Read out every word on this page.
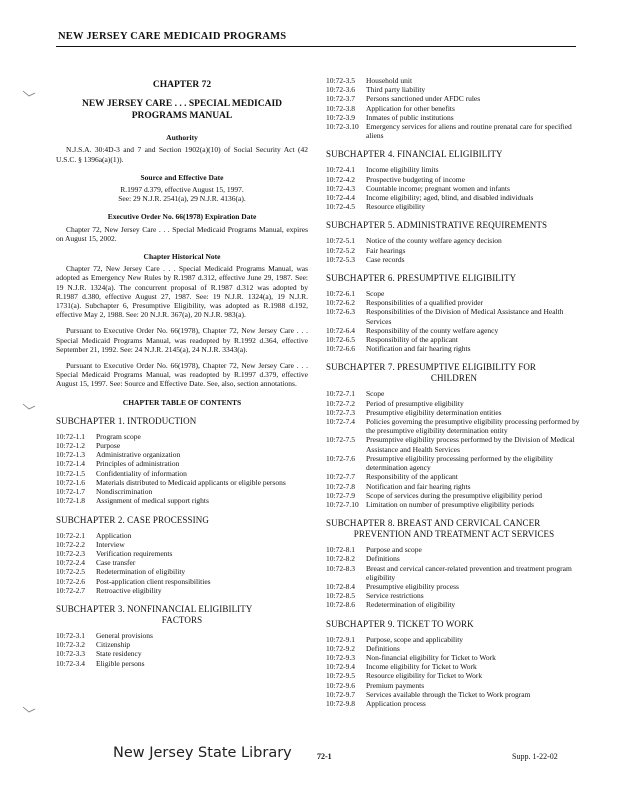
NEW JERSEY CARE MEDICAID PROGRAMS
CHAPTER 72
NEW JERSEY CARE . . . SPECIAL MEDICAID PROGRAMS MANUAL
Authority

N.J.S.A. 30:4D-3 and 7 and Section 1902(a)(10) of Social Security Act (42 U.S.C. § 1396a(a)(1)).

Source and Effective Date
R.1997 d.379, effective August 15, 1997.
See: 29 N.J.R. 2541(a), 29 N.J.R. 4136(a).
Executive Order No. 66(1978) Expiration Date

Chapter 72, New Jersey Care . . . Special Medicaid Programs Manual, expires on August 15, 2002.

Chapter Historical Note

Chapter 72, New Jersey Care . . . Special Medicaid Programs Manual, was adopted as Emergency New Rules by R.1987 d.312, effective June 29, 1987. See: 19 N.J.R. 1324(a). The concurrent proposal of R.1987 d.312 was adopted by R.1987 d.380, effective August 27, 1987. See: 19 N.J.R. 1324(a), 19 N.J.R. 1731(a). Subchapter 6, Presumptive Eligibility, was adopted as R.1988 d.192, effective May 2, 1988. See: 20 N.J.R. 367(a), 20 N.J.R. 983(a).

Pursuant to Executive Order No. 66(1978), Chapter 72, New Jersey Care . . . Special Medicaid Programs Manual, was readopted by R.1992 d.364, effective September 21, 1992. See: 24 N.J.R. 2145(a), 24 N.J.R. 3343(a).

Pursuant to Executive Order No. 66(1978), Chapter 72, New Jersey Care . . . Special Medicaid Programs Manual, was readopted by R.1997 d.379, effective August 15, 1997. See: Source and Effective Date. See, also, section annotations.

CHAPTER TABLE OF CONTENTS
SUBCHAPTER 1. INTRODUCTION
10:72-1.1	Program scope
10:72-1.2	Purpose
10:72-1.3	Administrative organization
10:72-1.4	Principles of administration
10:72-1.5	Confidentiality of information
10:72-1.6	Materials distributed to Medicaid applicants or eligible persons
10:72-1.7	Nondiscrimination
10:72-1.8	Assignment of medical support rights
SUBCHAPTER 2. CASE PROCESSING
10:72-2.1	Application
10:72-2.2	Interview
10:72-2.3	Verification requirements
10:72-2.4	Case transfer
10:72-2.5	Redetermination of eligibility
10:72-2.6	Post-application client responsibilities
10:72-2.7	Retroactive eligibility
SUBCHAPTER 3. NONFINANCIAL ELIGIBILITY
FACTORS
10:72-3.1	General provisions
10:72-3.2	Citizenship
10:72-3.3	State residency
10:72-3.4	Eligible persons
10:72-3.5	Household unit
10:72-3.6	Third party liability
10:72-3.7	Persons sanctioned under AFDC rules
10:72-3.8	Application for other benefits
10:72-3.9	Inmates of public institutions
10:72-3.10	Emergency services for aliens and routine prenatal care for specified aliens
SUBCHAPTER 4. FINANCIAL ELIGIBILITY
10:72-4.1	Income eligibility limits
10:72-4.2	Prospective budgeting of income
10:72-4.3	Countable income; pregnant women and infants
10:72-4.4	Income eligibility; aged, blind, and disabled individuals
10:72-4.5	Resource eligibility
SUBCHAPTER 5. ADMINISTRATIVE REQUIREMENTS
10:72-5.1	Notice of the county welfare agency decision
10:72-5.2	Fair hearings
10:72-5.3	Case records
SUBCHAPTER 6. PRESUMPTIVE ELIGIBILITY
10:72-6.1	Scope
10:72-6.2	Responsibilities of a qualified provider
10:72-6.3	Responsibilities of the Division of Medical Assistance and Health Services
10:72-6.4	Responsibility of the county welfare agency
10:72-6.5	Responsibility of the applicant
10:72-6.6	Notification and fair hearing rights
SUBCHAPTER 7. PRESUMPTIVE ELIGIBILITY FOR
CHILDREN
10:72-7.1	Scope
10:72-7.2	Period of presumptive eligibility
10:72-7.3	Presumptive eligibility determination entities
10:72-7.4	Policies governing the presumptive eligibility processing performed by the presumptive eligibility determination entity
10:72-7.5	Presumptive eligibility process performed by the Division of Medical Assistance and Health Services
10:72-7.6	Presumptive eligibility processing performed by the eligibility determination agency
10:72-7.7	Responsibility of the applicant
10:72-7.8	Notification and fair hearing rights
10:72-7.9	Scope of services during the presumptive eligibility period
10:72-7.10	Limitation on number of presumptive eligibility periods
SUBCHAPTER 8. BREAST AND CERVICAL CANCER
PREVENTION AND TREATMENT ACT SERVICES
10:72-8.1	Purpose and scope
10:72-8.2	Definitions
10:72-8.3	Breast and cervical cancer-related prevention and treatment program eligibility
10:72-8.4	Presumptive eligibility process
10:72-8.5	Service restrictions
10:72-8.6	Redetermination of eligibility
SUBCHAPTER 9. TICKET TO WORK
10:72-9.1	Purpose, scope and applicability
10:72-9.2	Definitions
10:72-9.3	Non-financial eligibility for Ticket to Work
10:72-9.4	Income eligibility for Ticket to Work
10:72-9.5	Resource eligibility for Ticket to Work
10:72-9.6	Premium payments
10:72-9.7	Services available through the Ticket to Work program
10:72-9.8	Application process
New Jersey State Library	72-1	Supp. 1-22-02
